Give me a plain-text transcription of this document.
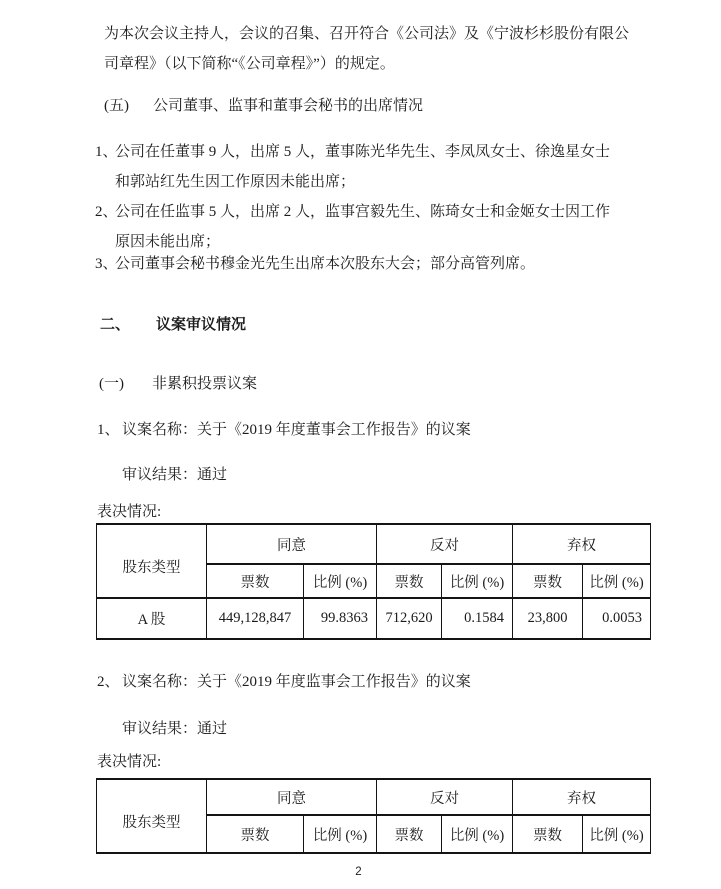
为本次会议主持人，会议的召集、召开符合《公司法》及《宁波杉杉股份有限公
司章程》（以下简称“《公司章程》”）的规定。
(五) 公司董事、监事和董事会秘书的出席情况
1、
公司在任董事 9 人，出席 5 人，董事陈光华先生、李凤凤女士、徐逸星女士
和郭站红先生因工作原因未能出席；
2、
公司在任监事 5 人，出席 2 人，监事宫毅先生、陈琦女士和金姬女士因工作
原因未能出席；
3、
公司董事会秘书穆金光先生出席本次股东大会；部分高管列席。
二、 议案审议情况
(一) 非累积投票议案
1、 议案名称：关于《2019 年度董事会工作报告》的议案
审议结果：通过
表决情况:
股东类型	同意		反对		弃权	
	票数	比例 (%)	票数	比例 (%)	票数	比例 (%)
A 股	449,128,847	99.8363	712,620	0.1584	23,800	0.0053
2、 议案名称：关于《2019 年度监事会工作报告》的议案
审议结果：通过
表决情况:
股东类型	同意		反对		弃权	
	票数	比例 (%)	票数	比例 (%)	票数	比例 (%)
2
